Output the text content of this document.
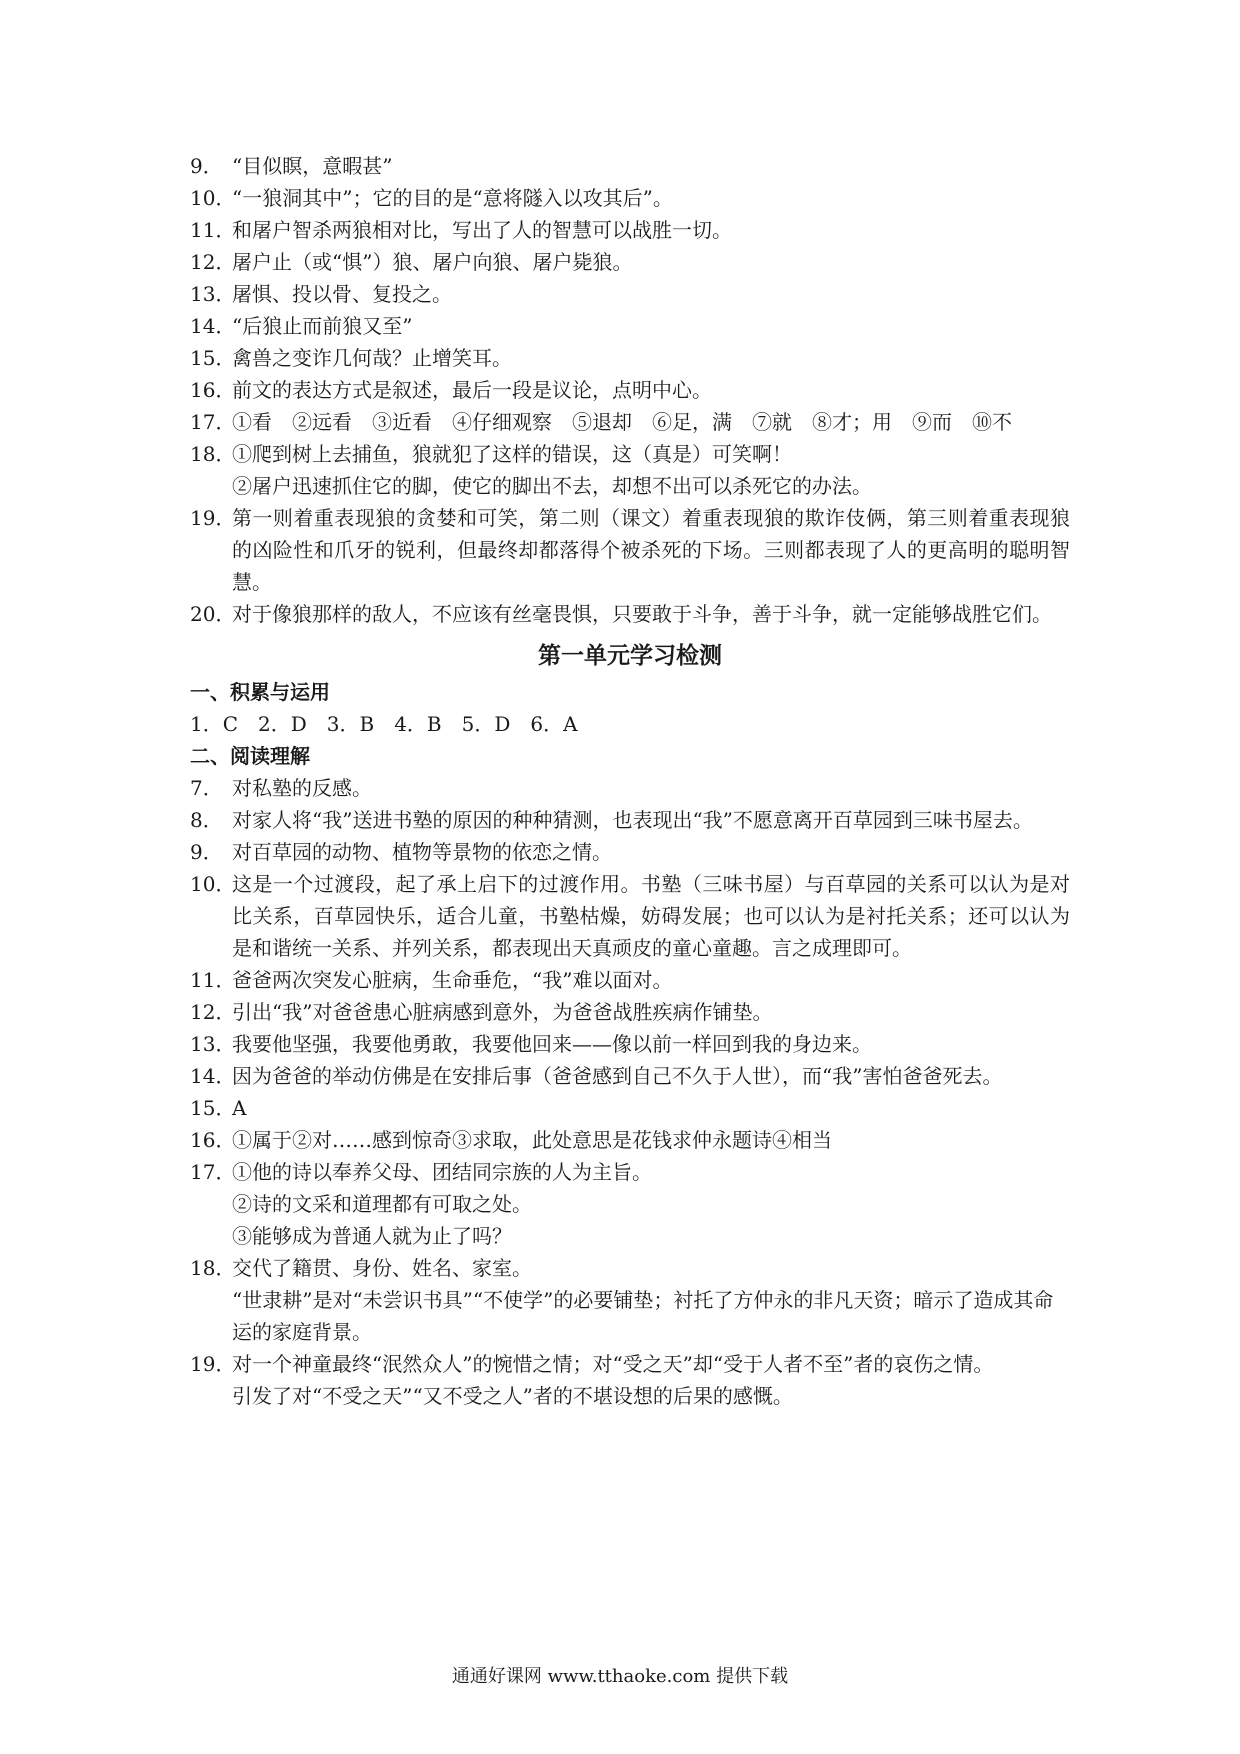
9． “目似瞑，意暇甚”
10．
“一狼洞其中”；它的目的是“意将隧入以攻其后”。
11．
和屠户智杀两狼相对比，写出了人的智慧可以战胜一切。
12．
屠户止（或“惧”）狼、屠户向狼、屠户毙狼。
13．
屠惧、投以骨、复投之。
14．
“后狼止而前狼又至”
15．
禽兽之变诈几何哉？止增笑耳。
16．
前文的表达方式是叙述，最后一段是议论，点明中心。
17．
①看　②远看　③近看　④仔细观察　⑤退却　⑥足，满　⑦就　⑧才；用　⑨而　⑩不
18．
①爬到树上去捕鱼，狼就犯了这样的错误，这（真是）可笑啊！
②屠户迅速抓住它的脚，使它的脚出不去，却想不出可以杀死它的办法。
19．
第一则着重表现狼的贪婪和可笑，第二则（课文）着重表现狼的欺诈伎俩，第三则着重表现狼的凶险性和爪牙的锐利，但最终却都落得个被杀死的下场。三则都表现了人的更高明的聪明智慧。
20．
对于像狼那样的敌人，不应该有丝毫畏惧，只要敢于斗争，善于斗争，就一定能够战胜它们。
第一单元学习检测
一、积累与运用
1．C　2．D　3．B　4．B　5．D　6．A
二、阅读理解
7． 对私塾的反感。
8． 对家人将“我”送进书塾的原因的种种猜测，也表现出“我”不愿意离开百草园到三味书屋去。
9． 对百草园的动物、植物等景物的依恋之情。
10．
这是一个过渡段，起了承上启下的过渡作用。书塾（三味书屋）与百草园的关系可以认为是对比关系，百草园快乐，适合儿童，书塾枯燥，妨碍发展；也可以认为是衬托关系；还可以认为是和谐统一关系、并列关系，都表现出天真顽皮的童心童趣。言之成理即可。
11．
爸爸两次突发心脏病，生命垂危，“我”难以面对。
12．
引出“我”对爸爸患心脏病感到意外，为爸爸战胜疾病作铺垫。
13．
我要他坚强，我要他勇敢，我要他回来——像以前一样回到我的身边来。
14．
因为爸爸的举动仿佛是在安排后事（爸爸感到自己不久于人世），而“我”害怕爸爸死去。
15．
A
16．
①属于②对……感到惊奇③求取，此处意思是花钱求仲永题诗④相当
17．
①他的诗以奉养父母、团结同宗族的人为主旨。
②诗的文采和道理都有可取之处。
③能够成为普通人就为止了吗？
18．
交代了籍贯、身份、姓名、家室。
“世隶耕”是对“未尝识书具”“不使学”的必要铺垫；衬托了方仲永的非凡天资；暗示了造成其命运的家庭背景。
19．
对一个神童最终“泯然众人”的惋惜之情；对“受之天”却“受于人者不至”者的哀伤之情。
引发了对“不受之天”“又不受之人”者的不堪设想的后果的感慨。
通通好课网 www.tthaoke.com 提供下载
